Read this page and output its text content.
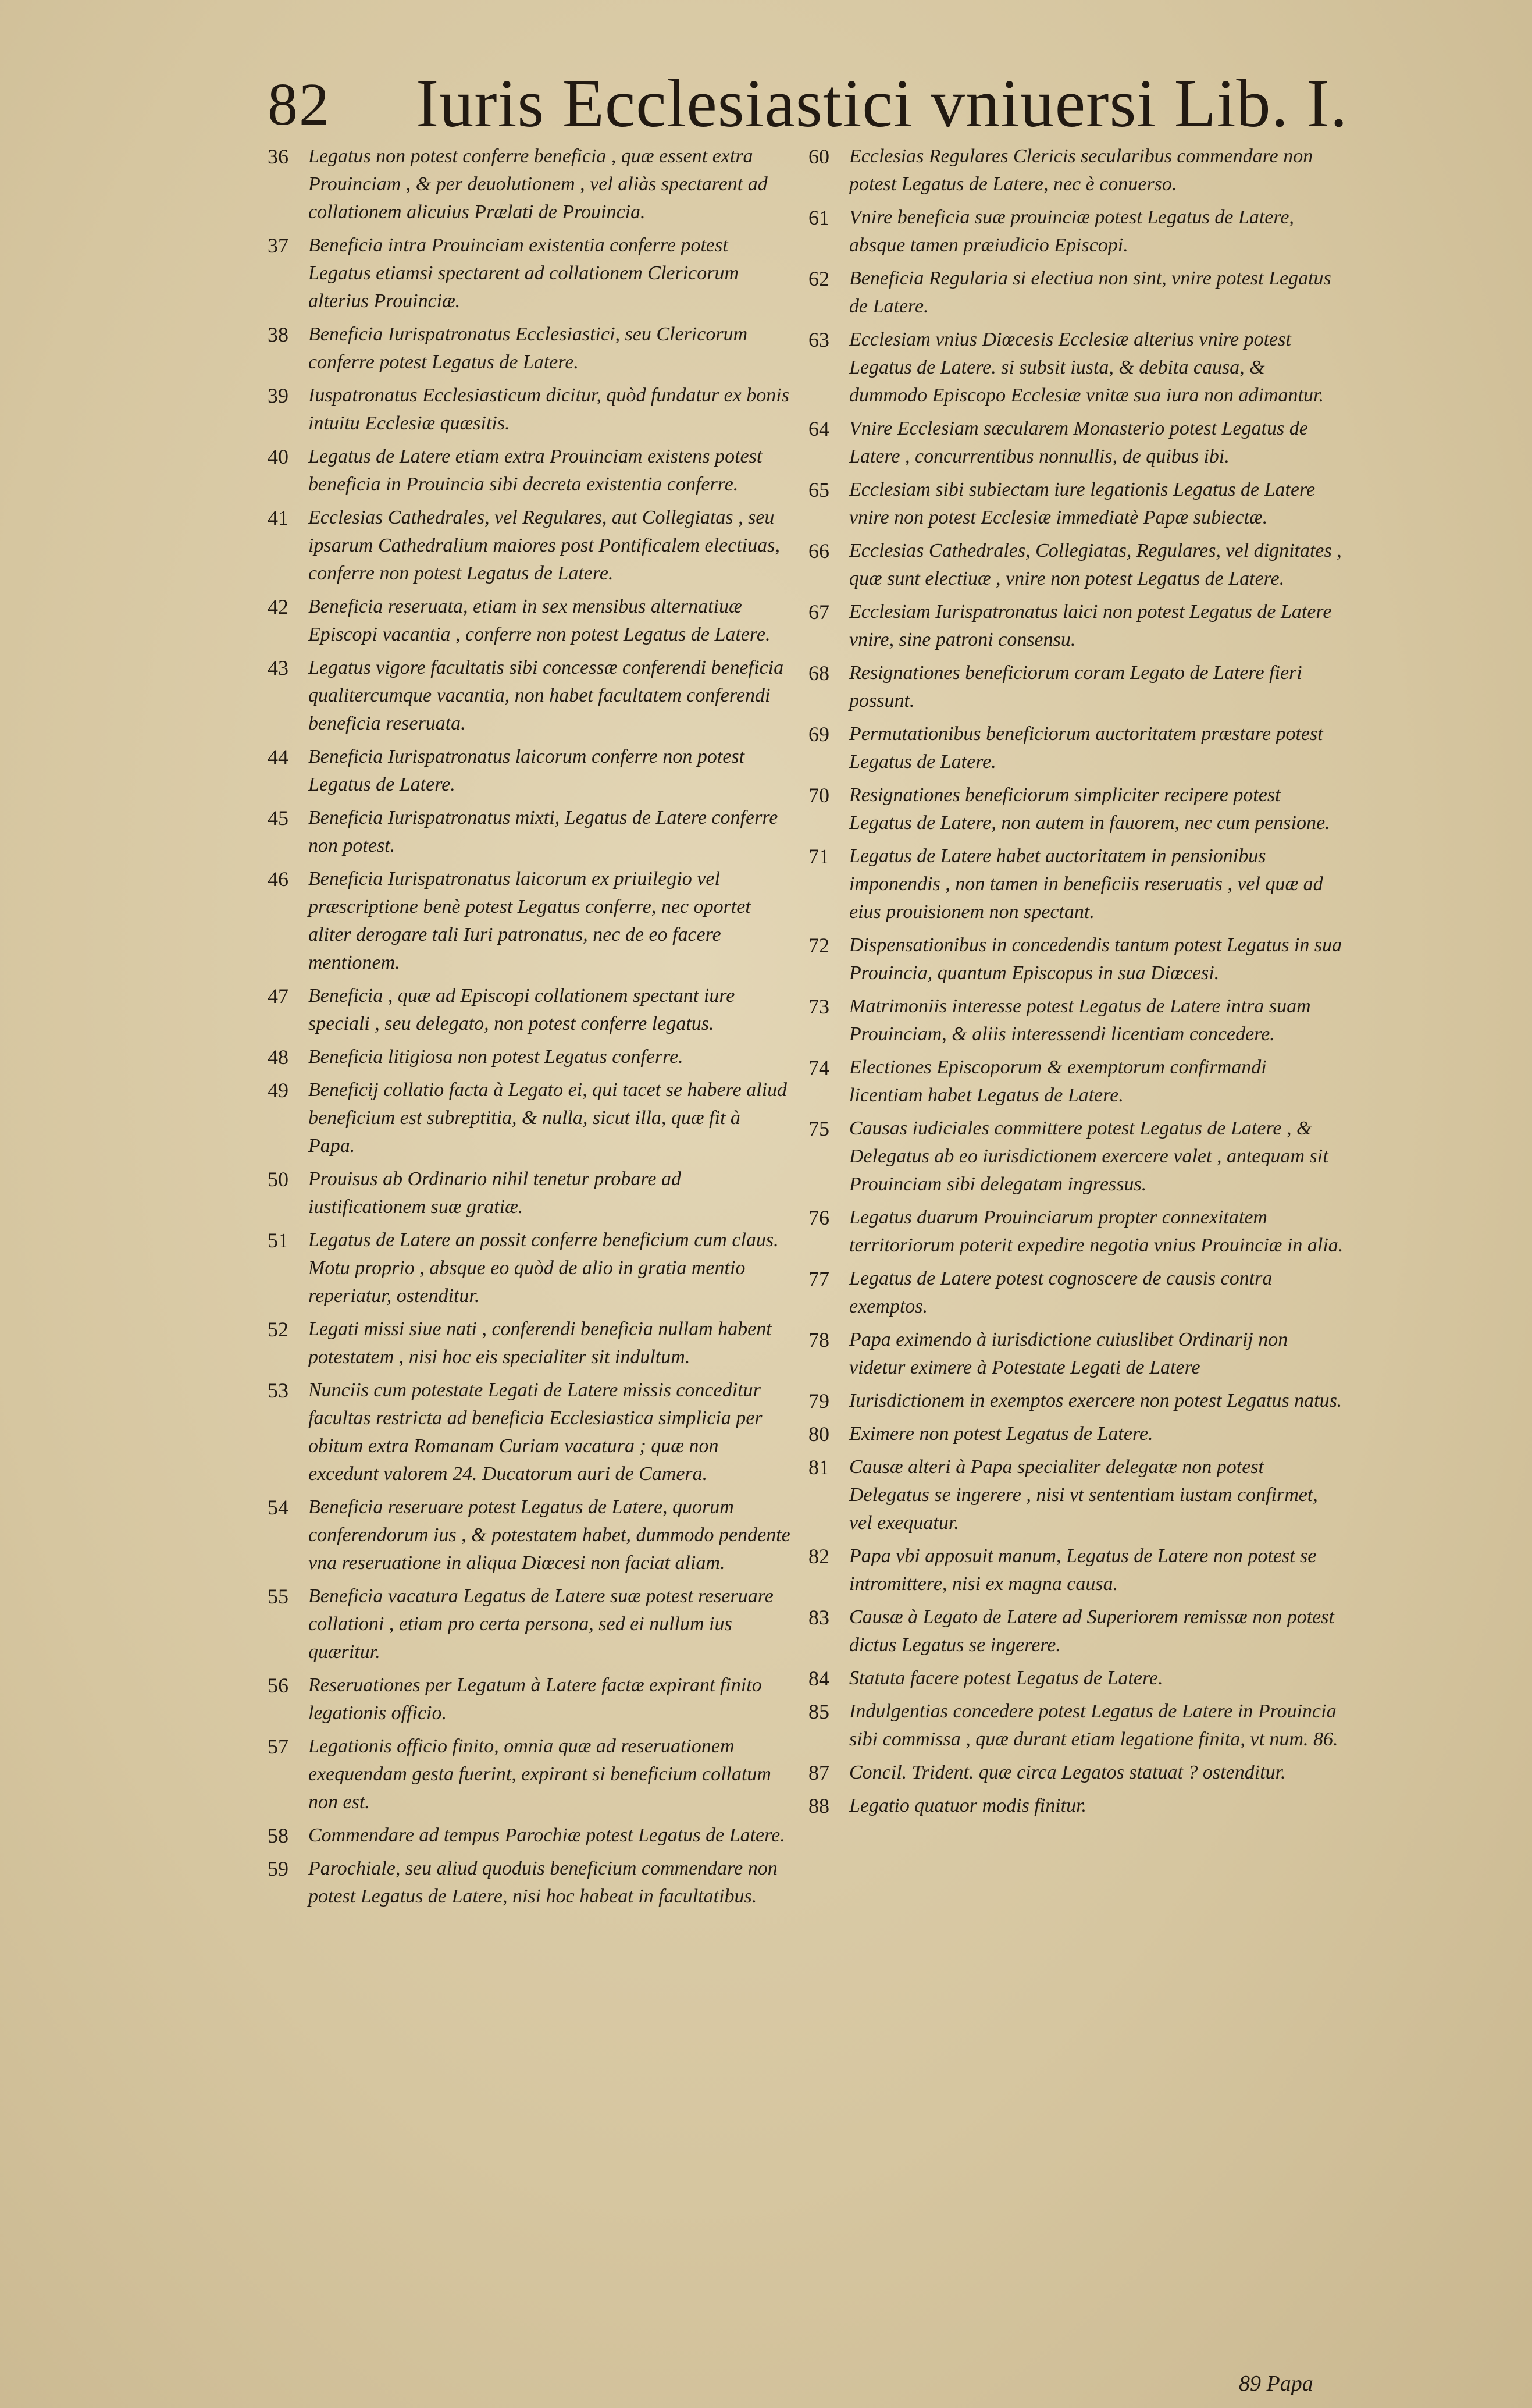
82 Iuris Ecclesiastici vniuersi Lib. I.
36	Legatus non potest conferre beneficia , quæ essent extra Prouinciam , & per deuolutionem , vel aliàs spectarent ad collationem alicuius Prælati de Prouincia.
37	Beneficia intra Prouinciam existentia conferre potest Legatus etiamsi spectarent ad collationem Clericorum alterius Prouinciæ.
38	Beneficia Iurispatronatus Ecclesiastici, seu Clericorum conferre potest Legatus de Latere.
39	Iuspatronatus Ecclesiasticum dicitur, quòd fundatur ex bonis intuitu Ecclesiæ quæsitis.
40	Legatus de Latere etiam extra Prouinciam existens potest beneficia in Prouincia sibi decreta existentia conferre.
41	Ecclesias Cathedrales, vel Regulares, aut Collegiatas , seu ipsarum Cathedralium maiores post Pontificalem electiuas, conferre non potest Legatus de Latere.
42	Beneficia reseruata, etiam in sex mensibus alternatiuæ Episcopi vacantia , conferre non potest Legatus de Latere.
43	Legatus vigore facultatis sibi concessæ conferendi beneficia qualitercumque vacantia, non habet facultatem conferendi beneficia reseruata.
44	Beneficia Iurispatronatus laicorum conferre non potest Legatus de Latere.
45	Beneficia Iurispatronatus mixti, Legatus de Latere conferre non potest.
46	Beneficia Iurispatronatus laicorum ex priuilegio vel præscriptione benè potest Legatus conferre, nec oportet aliter derogare tali Iuri patronatus, nec de eo facere mentionem.
47	Beneficia , quæ ad Episcopi collationem spectant iure speciali , seu delegato, non potest conferre legatus.
48	Beneficia litigiosa non potest Legatus conferre.
49	Beneficij collatio facta à Legato ei, qui tacet se habere aliud beneficium est subreptitia, & nulla, sicut illa, quæ fit à Papa.
50	Prouisus ab Ordinario nihil tenetur probare ad iustificationem suæ gratiæ.
51	Legatus de Latere an possit conferre beneficium cum claus. Motu proprio , absque eo quòd de alio in gratia mentio reperiatur, ostenditur.
52	Legati missi siue nati , conferendi beneficia nullam habent potestatem , nisi hoc eis specialiter sit indultum.
53	Nunciis cum potestate Legati de Latere missis conceditur facultas restricta ad beneficia Ecclesiastica simplicia per obitum extra Romanam Curiam vacatura ; quæ non excedunt valorem 24. Ducatorum auri de Camera.
54	Beneficia reseruare potest Legatus de Latere, quorum conferendorum ius , & potestatem habet, dummodo pendente vna reseruatione in aliqua Diœcesi non faciat aliam.
55	Beneficia vacatura Legatus de Latere suæ potest reseruare collationi , etiam pro certa persona, sed ei nullum ius quæritur.
56	Reseruationes per Legatum à Latere factæ expirant finito legationis officio.
57	Legationis officio finito, omnia quæ ad reseruationem exequendam gesta fuerint, expirant si beneficium collatum non est.
58	Commendare ad tempus Parochiæ potest Legatus de Latere.
59	Parochiale, seu aliud quoduis beneficium commendare non potest Legatus de Latere, nisi hoc habeat in facultatibus.
60	Ecclesias Regulares Clericis secularibus commendare non potest Legatus de Latere, nec è conuerso.
61	Vnire beneficia suæ prouinciæ potest Legatus de Latere, absque tamen præiudicio Episcopi.
62	Beneficia Regularia si electiua non sint, vnire potest Legatus de Latere.
63	Ecclesiam vnius Diœcesis Ecclesiæ alterius vnire potest Legatus de Latere. si subsit iusta, & debita causa, & dummodo Episcopo Ecclesiæ vnitæ sua iura non adimantur.
64	Vnire Ecclesiam sæcularem Monasterio potest Legatus de Latere , concurrentibus nonnullis, de quibus ibi.
65	Ecclesiam sibi subiectam iure legationis Legatus de Latere vnire non potest Ecclesiæ immediatè Papæ subiectæ.
66	Ecclesias Cathedrales, Collegiatas, Regulares, vel dignitates , quæ sunt electiuæ , vnire non potest Legatus de Latere.
67	Ecclesiam Iurispatronatus laici non potest Legatus de Latere vnire, sine patroni consensu.
68	Resignationes beneficiorum coram Legato de Latere fieri possunt.
69	Permutationibus beneficiorum auctoritatem præstare potest Legatus de Latere.
70	Resignationes beneficiorum simpliciter recipere potest Legatus de Latere, non autem in fauorem, nec cum pensione.
71	Legatus de Latere habet auctoritatem in pensionibus imponendis , non tamen in beneficiis reseruatis , vel quæ ad eius prouisionem non spectant.
72	Dispensationibus in concedendis tantum potest Legatus in sua Prouincia, quantum Episcopus in sua Diœcesi.
73	Matrimoniis interesse potest Legatus de Latere intra suam Prouinciam, & aliis interessendi licentiam concedere.
74	Electiones Episcoporum & exemptorum confirmandi licentiam habet Legatus de Latere.
75	Causas iudiciales committere potest Legatus de Latere , & Delegatus ab eo iurisdictionem exercere valet , antequam sit Prouinciam sibi delegatam ingressus.
76	Legatus duarum Prouinciarum propter connexitatem territoriorum poterit expedire negotia vnius Prouinciæ in alia.
77	Legatus de Latere potest cognoscere de causis contra exemptos.
78	Papa eximendo à iurisdictione cuiuslibet Ordinarij non videtur eximere à Potestate Legati de Latere
79	Iurisdictionem in exemptos exercere non potest Legatus natus.
80	Eximere non potest Legatus de Latere.
81	Causæ alteri à Papa specialiter delegatæ non potest Delegatus se ingerere , nisi vt sententiam iustam confirmet, vel exequatur.
82	Papa vbi apposuit manum, Legatus de Latere non potest se intromittere, nisi ex magna causa.
83	Causæ à Legato de Latere ad Superiorem remissæ non potest dictus Legatus se ingerere.
84	Statuta facere potest Legatus de Latere.
85	Indulgentias concedere potest Legatus de Latere in Prouincia sibi commissa , quæ durant etiam legatione finita, vt num. 86.
87	Concil. Trident. quæ circa Legatos statuat ? ostenditur.
88	Legatio quatuor modis finitur.
89 Papa
